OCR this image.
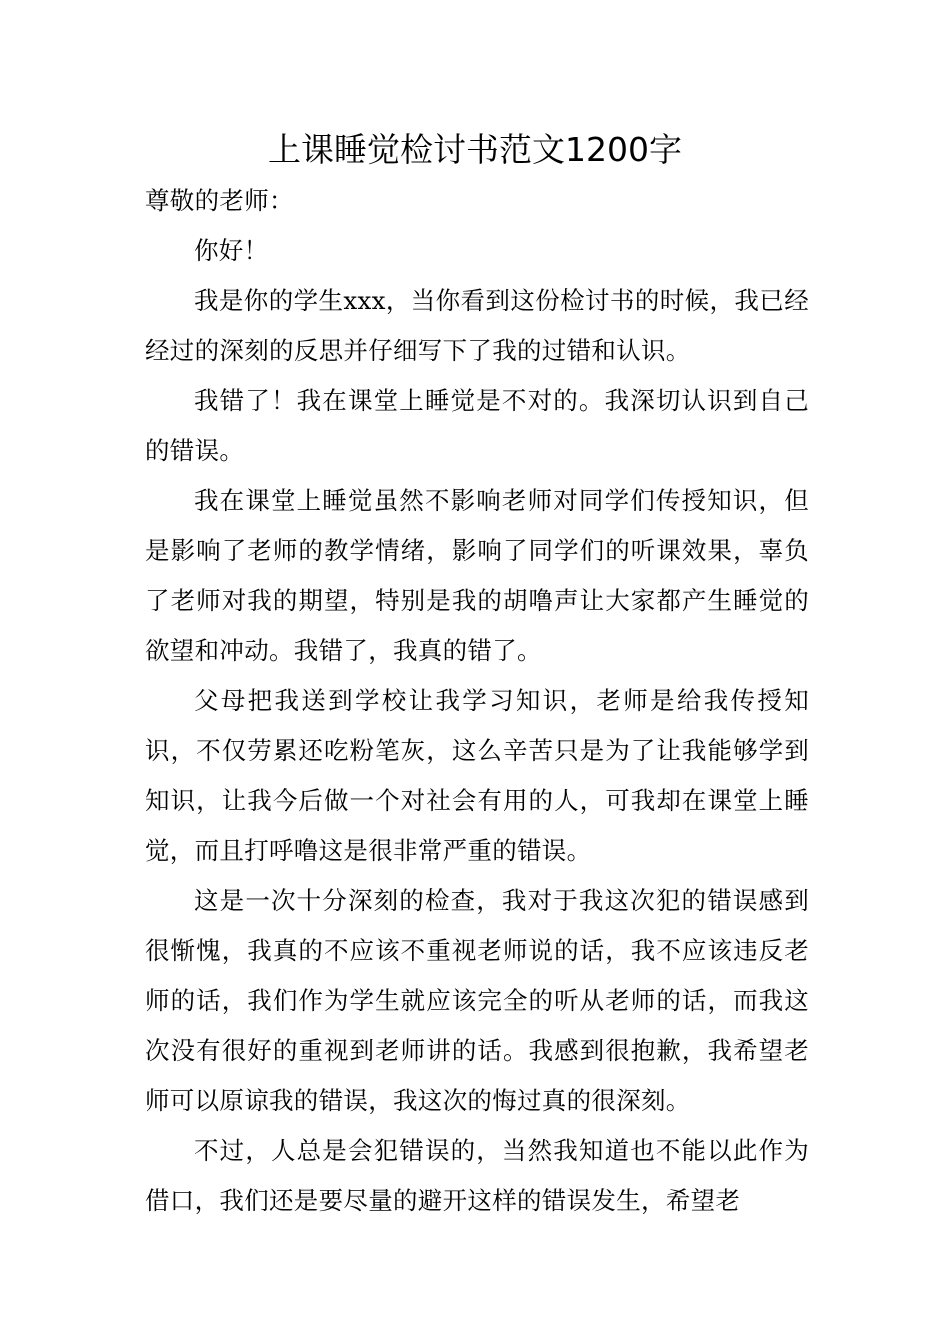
上课睡觉检讨书范文1200字

尊敬的老师：

你好！

我是你的学生xxx，当你看到这份检讨书的时候，我已经经过的深刻的反思并仔细写下了我的过错和认识。

我错了！我在课堂上睡觉是不对的。我深切认识到自己的错误。

我在课堂上睡觉虽然不影响老师对同学们传授知识，但是影响了老师的教学情绪，影响了同学们的听课效果，辜负了老师对我的期望，特别是我的胡噜声让大家都产生睡觉的欲望和冲动。我错了，我真的错了。

父母把我送到学校让我学习知识，老师是给我传授知识，不仅劳累还吃粉笔灰，这么辛苦只是为了让我能够学到知识，让我今后做一个对社会有用的人，可我却在课堂上睡觉，而且打呼噜这是很非常严重的错误。

这是一次十分深刻的检查，我对于我这次犯的错误感到很惭愧，我真的不应该不重视老师说的话，我不应该违反老师的话，我们作为学生就应该完全的听从老师的话，而我这次没有很好的重视到老师讲的话。我感到很抱歉，我希望老师可以原谅我的错误，我这次的悔过真的很深刻。

不过，人总是会犯错误的，当然我知道也不能以此作为借口，我们还是要尽量的避开这样的错误发生，希望老
